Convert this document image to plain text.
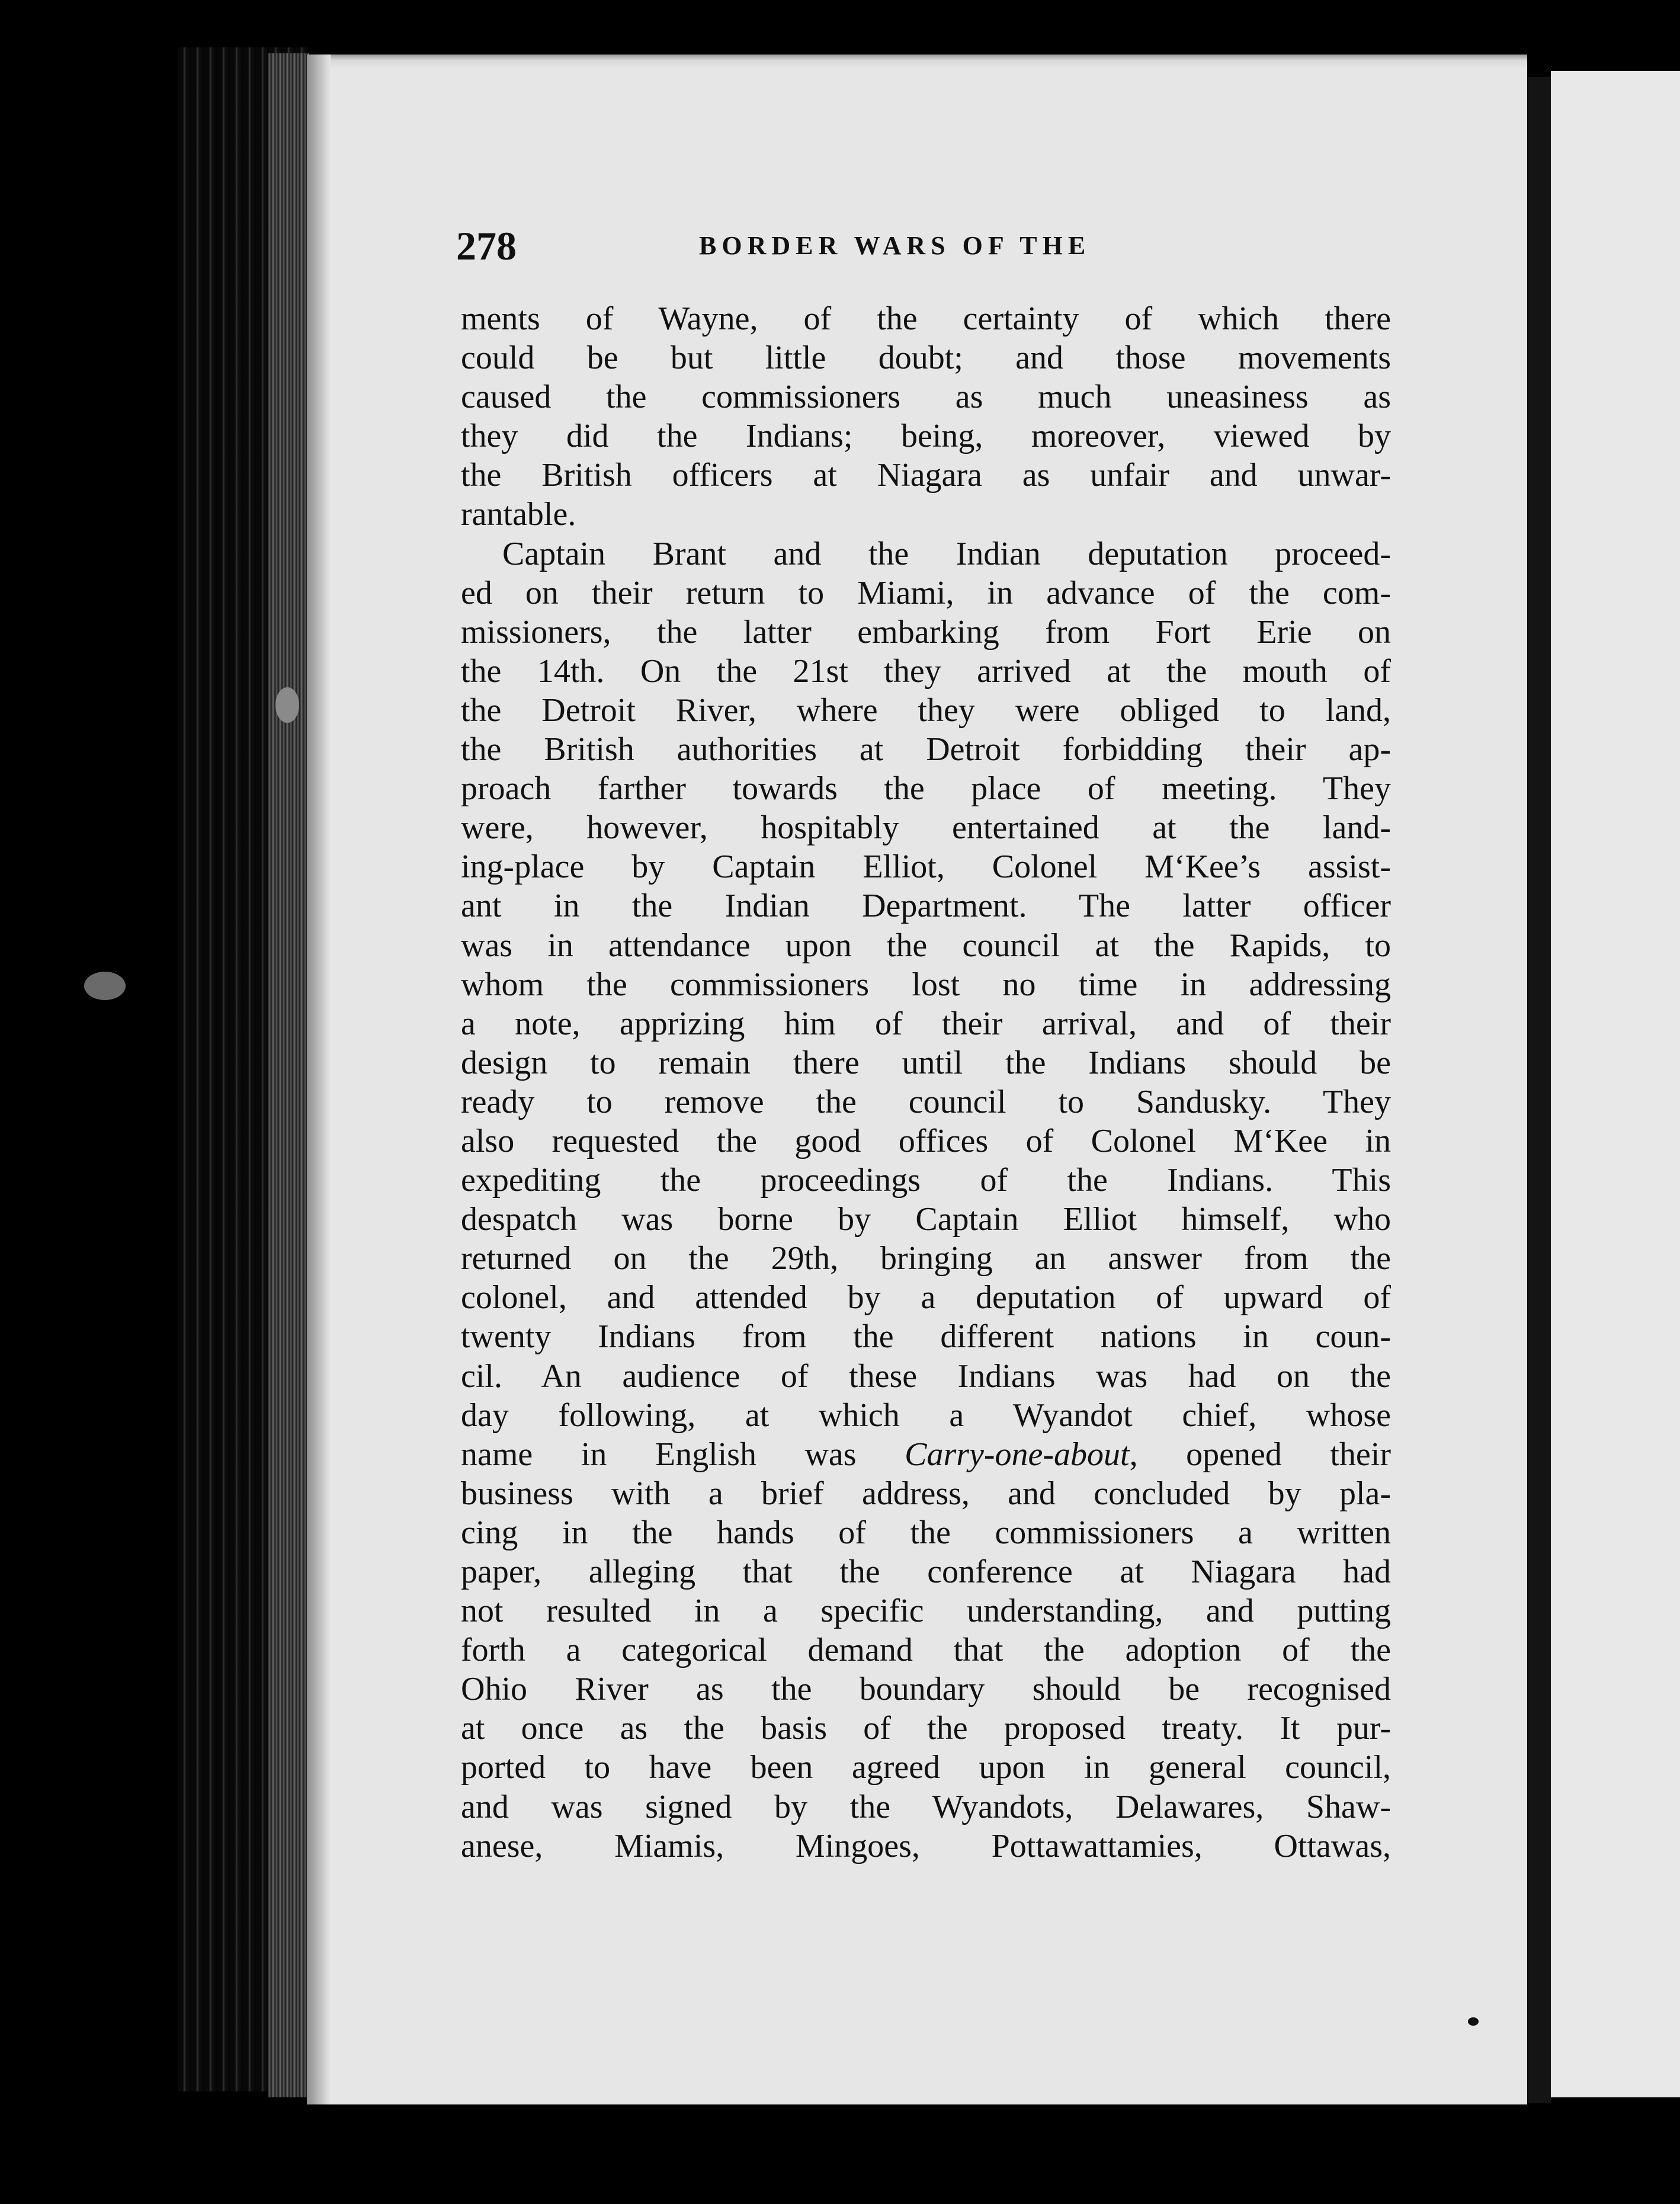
278	BORDER WARS OF THE
ments of Wayne, of the certainty of which there
could be but little doubt; and those movements
caused the commissioners as much uneasiness as
they did the Indians; being, moreover, viewed by
the British officers at Niagara as unfair and unwar-
rantable.
Captain Brant and the Indian deputation proceed-
ed on their return to Miami, in advance of the com-
missioners, the latter embarking from Fort Erie on
the 14th. On the 21st they arrived at the mouth of
the Detroit River, where they were obliged to land,
the British authorities at Detroit forbidding their ap-
proach farther towards the place of meeting. They
were, however, hospitably entertained at the land-
ing-place by Captain Elliot, Colonel M‘Kee’s assist-
ant in the Indian Department. The latter officer
was in attendance upon the council at the Rapids, to
whom the commissioners lost no time in addressing
a note, apprizing him of their arrival, and of their
design to remain there until the Indians should be
ready to remove the council to Sandusky. They
also requested the good offices of Colonel M‘Kee in
expediting the proceedings of the Indians. This
despatch was borne by Captain Elliot himself, who
returned on the 29th, bringing an answer from the
colonel, and attended by a deputation of upward of
twenty Indians from the different nations in coun-
cil. An audience of these Indians was had on the
day following, at which a Wyandot chief, whose
name in English was Carry-one-about, opened their
business with a brief address, and concluded by pla-
cing in the hands of the commissioners a written
paper, alleging that the conference at Niagara had
not resulted in a specific understanding, and putting
forth a categorical demand that the adoption of the
Ohio River as the boundary should be recognised
at once as the basis of the proposed treaty. It pur-
ported to have been agreed upon in general council,
and was signed by the Wyandots, Delawares, Shaw-
anese, Miamis, Mingoes, Pottawattamies, Ottawas,
